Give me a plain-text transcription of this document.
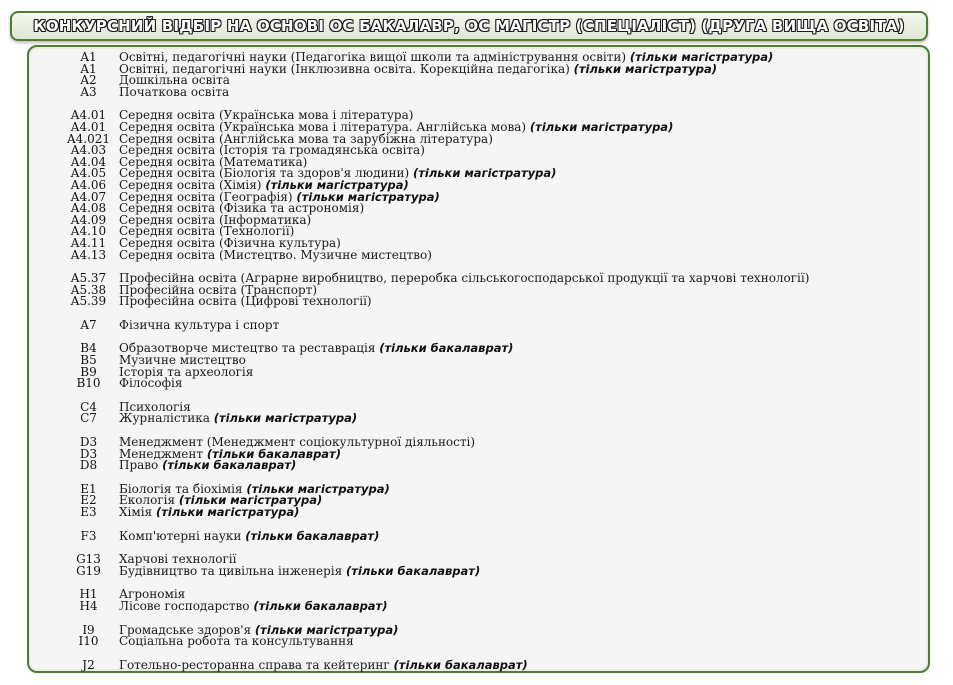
КОНКУРСНИЙ ВІДБІР НА ОСНОВІ ОС БАКАЛАВР, ОС МАГІСТР (СПЕЦІАЛІСТ) (ДРУГА ВИЩА ОСВІТА)
A1	Освітні, педагогічні науки (Педагогіка вищої школи та адміністрування освіти) (тільки магістратура)
A1	Освітні, педагогічні науки (Інклюзивна освіта. Корекційна педагогіка) (тільки магістратура)
A2	Дошкільна освіта
A3	Початкова освіта
A4.01	Середня освіта (Українська мова і література)
A4.01	Середня освіта (Українська мова і література. Англійська мова) (тільки магістратура)
A4.021 Середня освіта (Англійська мова та зарубіжна література)
A4.03	Середня освіта (Історія та громадянська освіта)
A4.04	Середня освіта (Математика)
A4.05	Середня освіта (Біологія та здоров'я людини) (тільки магістратура)
A4.06	Середня освіта (Хімія) (тільки магістратура)
A4.07	Середня освіта (Географія) (тільки магістратура)
A4.08	Середня освіта (Фізика та астрономія)
A4.09	Середня освіта (Інформатика)
A4.10	Середня освіта (Технології)
A4.11	Середня освіта (Фізична культура)
A4.13	Середня освіта (Мистецтво. Музичне мистецтво)
A5.37	Професійна освіта (Аграрне виробництво, переробка сільськогосподарської продукції та харчові технології)
A5.38	Професійна освіта (Транспорт)
A5.39	Професійна освіта (Цифрові технології)
A7	Фізична культура і спорт
B4	Образотворче мистецтво та реставрація (тільки бакалаврат)
B5	Музичне мистецтво
B9	Історія та археологія
B10	Філософія
C4	Психологія
C7	Журналістика (тільки магістратура)
D3	Менеджмент (Менеджмент соціокультурної діяльності)
D3	Менеджмент (тільки бакалаврат)
D8	Право (тільки бакалаврат)
E1	Біологія та біохімія (тільки магістратура)
E2	Екологія (тільки магістратура)
E3	Хімія (тільки магістратура)
F3	Комп'ютерні науки (тільки бакалаврат)
G13	Харчові технології
G19	Будівництво та цивільна інженерія (тільки бакалаврат)
H1	Агрономія
H4	Лісове господарство (тільки бакалаврат)
I9	Громадське здоров'я (тільки магістратура)
I10	Соціальна робота та консультування
J2	Готельно-ресторанна справа та кейтеринг (тільки бакалаврат)
